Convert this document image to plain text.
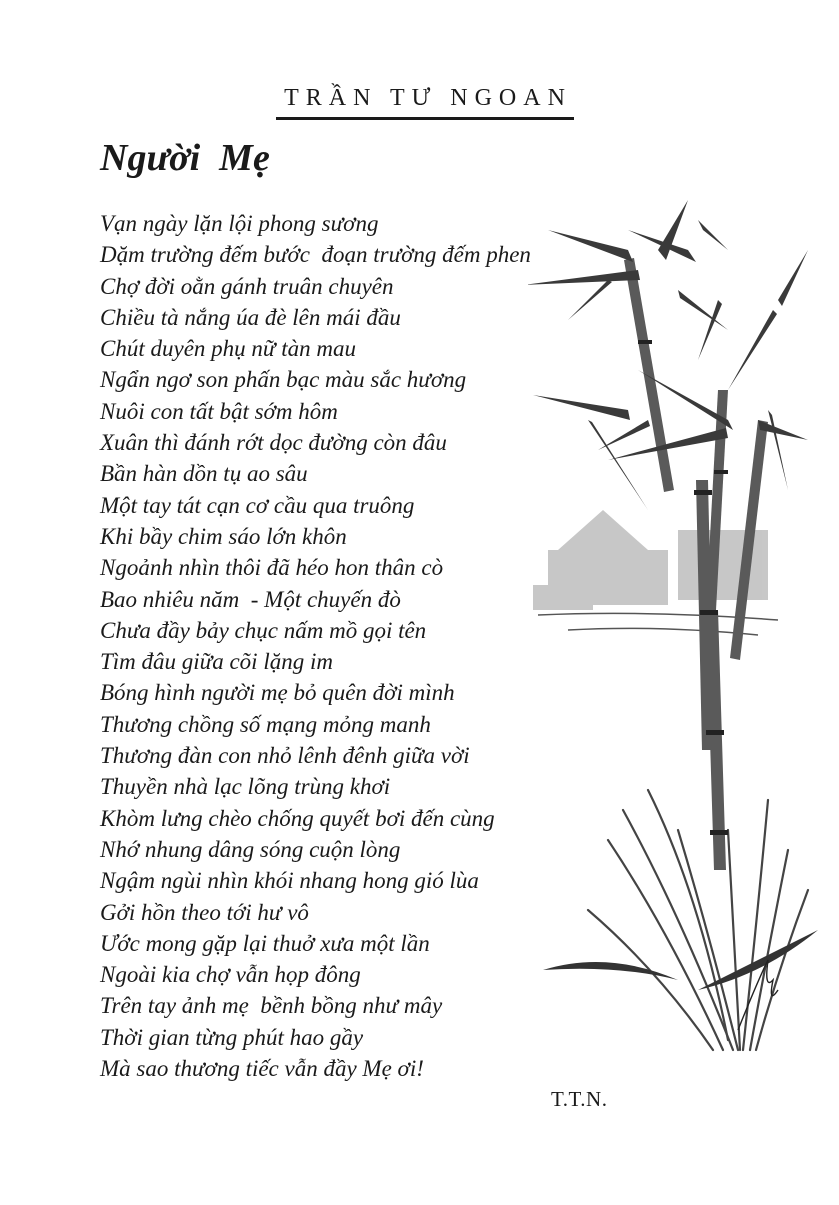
TRẦN TƯ NGOAN
Người  Mẹ
Vạn ngày lặn lội phong sương
Dặm trường đếm bước  đoạn trường đếm phen
Chợ đời oằn gánh truân chuyên
Chiều tà nắng úa đè lên mái đầu
Chút duyên phụ nữ tàn mau
Ngẩn ngơ son phấn bạc màu sắc hương
Nuôi con tất bật sớm hôm
Xuân thì đánh rớt dọc đường còn đâu
Bần hàn dồn tụ ao sâu
Một tay tát cạn cơ cầu qua truông
Khi bầy chim sáo lớn khôn
Ngoảnh nhìn thôi đã héo hon thân cò
Bao nhiêu năm  - Một chuyến đò
Chưa đầy bảy chục nấm mồ gọi tên
Tìm đâu giữa cõi lặng im
Bóng hình người mẹ bỏ quên đời mình
Thương chồng số mạng mỏng manh
Thương đàn con nhỏ lênh đênh giữa vời
Thuyền nhà lạc lõng trùng khơi
Khòm lưng chèo chống quyết bơi đến cùng
Nhớ nhung dâng sóng cuộn lòng
Ngậm ngùi nhìn khói nhang hong gió lùa
Gởi hồn theo tới hư vô
Ước mong gặp lại thuở xưa một lần
Ngoài kia chợ vẫn họp đông
Trên tay ảnh mẹ  bềnh bồng như mây
Thời gian từng phút hao gầy
Mà sao thương tiếc vẫn đầy Mẹ ơi!
T.T.N.
